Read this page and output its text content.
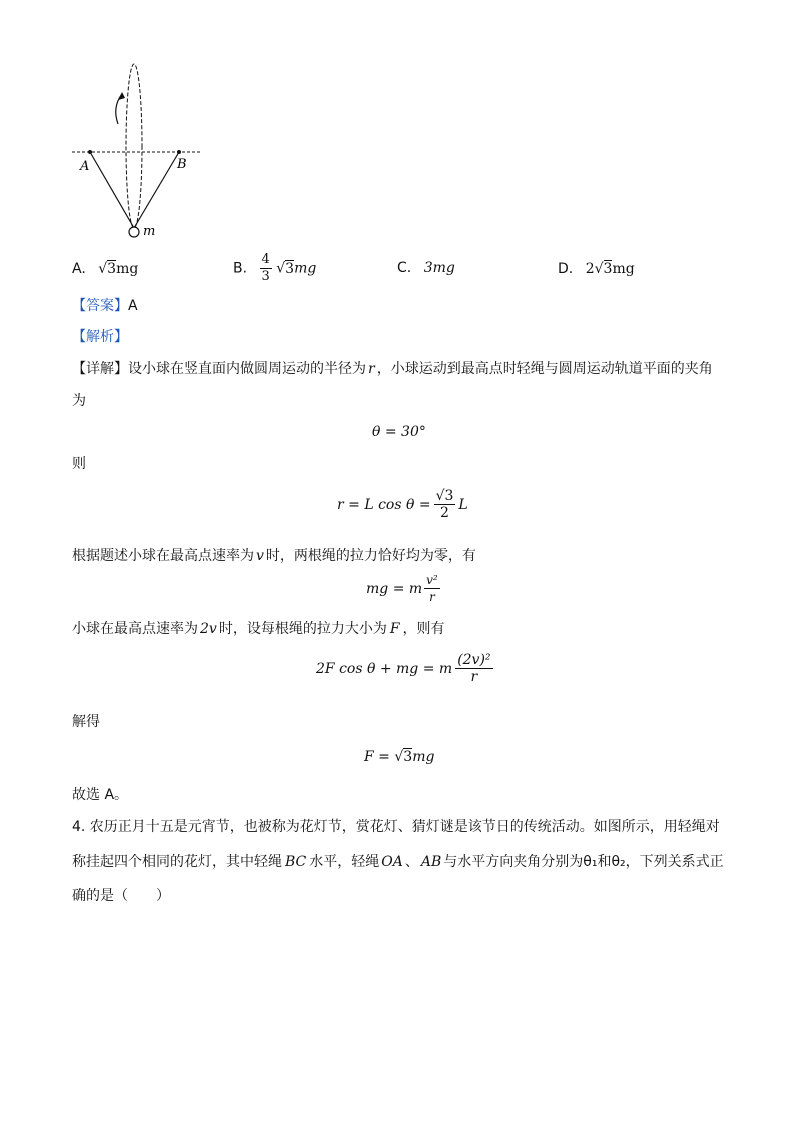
A	B
m
A. √3mg	B. $\frac{4}{3} √3mg$	C. 3mg	D. 2√3mg
【答案】A
【解析】
【详解】设小球在竖直面内做圆周运动的半径为 r ，小球运动到最高点时轻绳与圆周运动轨道平面的夹角
为
θ = 30°
则
r = L $\cos \theta = \frac{√3}{2}$ L
根据题述小球在最高点速率为 v 时，两根绳的拉力恰好均为零，有
mg = m $\frac{\text{v²}}{r}$
小球在最高点速率为 2v 时，设每根绳的拉力大小为 F ，则有
2F cos θ + mg = m $\frac{\text{(2v)²}}{r}$
解得
F = √3mg
故选 A。
4. 农历正月十五是元宵节，也被称为花灯节，赏花灯、猜灯谜是该节日的传统活动。如图所示，用轻绳对
称挂起四个相同的花灯，其中轻绳 BC 水平，轻绳 OA 、 AB 与水平方向夹角分别为θ₁和θ₂，下列关系式正
确的是（　　）
